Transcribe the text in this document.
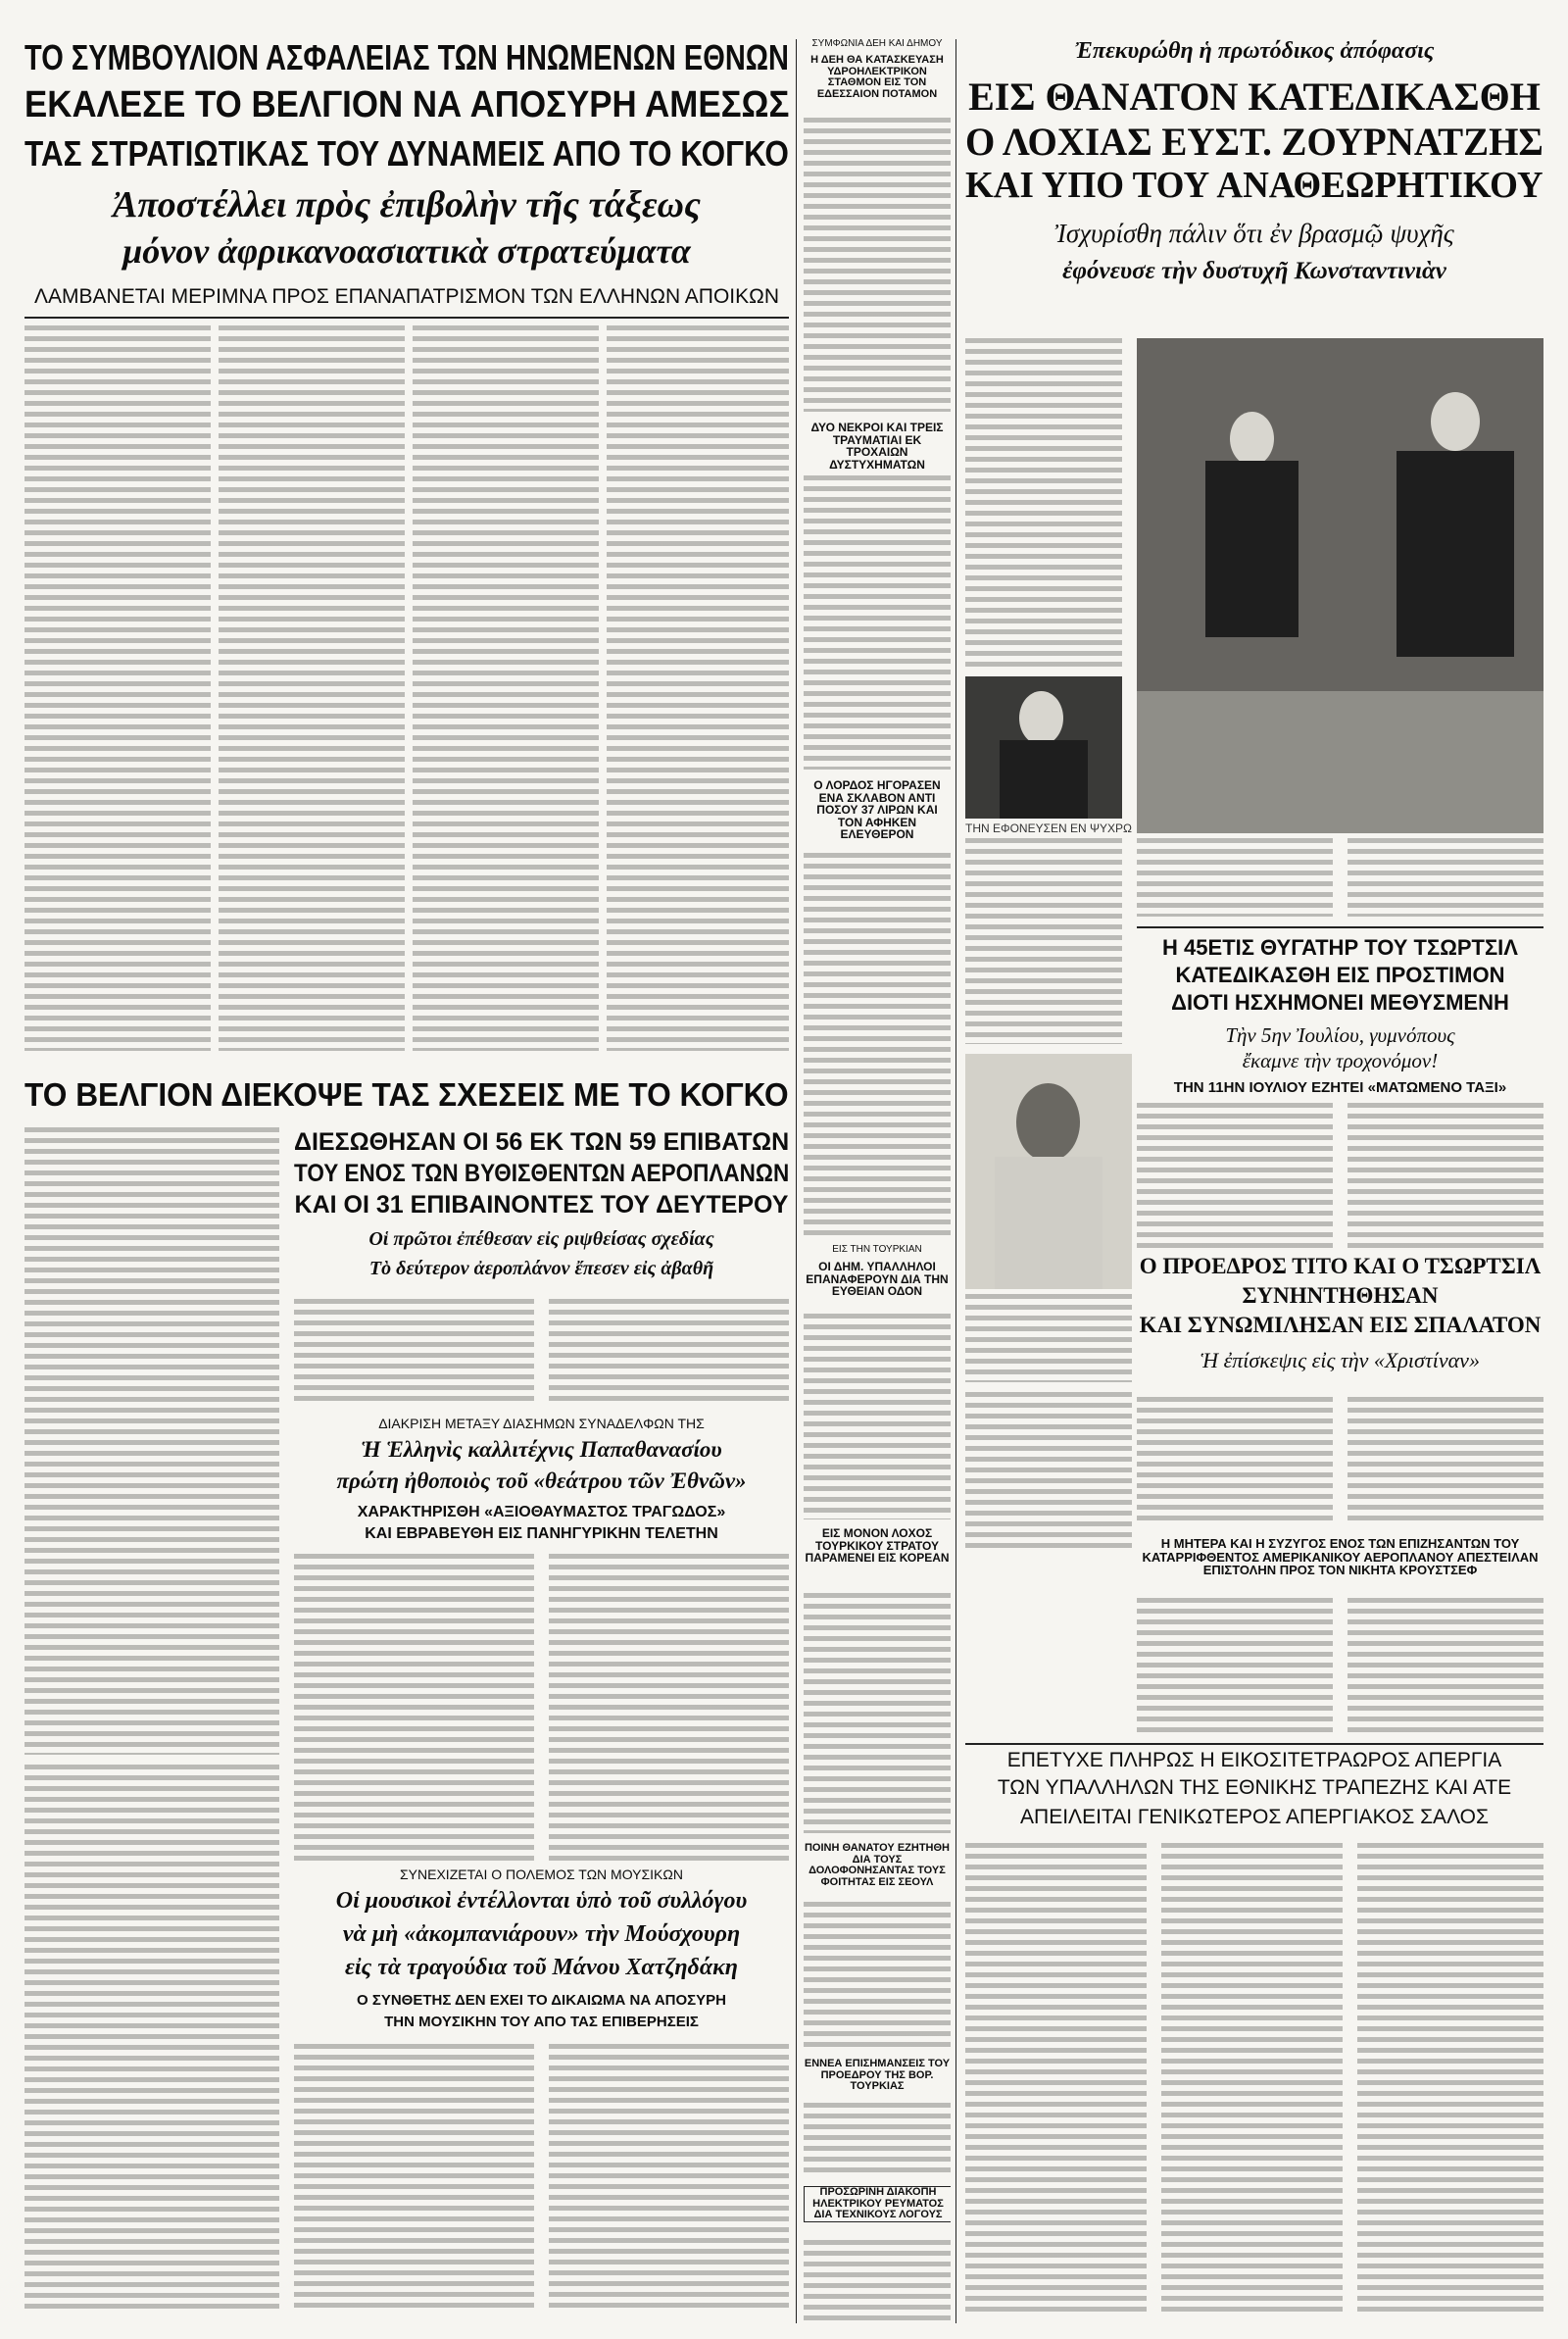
ΤΟ ΣΥΜΒΟΥΛΙΟΝ ΑΣΦΑΛΕΙΑΣ ΤΩΝ ΗΝΩΜΕΝΩΝ ΕΘΝΩΝ
ΕΚΑΛΕΣΕ ΤΟ ΒΕΛΓΙΟΝ ΝΑ ΑΠΟΣΥΡΗ ΑΜΕΣΩΣ
ΤΑΣ ΣΤΡΑΤΙΩΤΙΚΑΣ ΤΟΥ ΔΥΝΑΜΕΙΣ ΑΠΟ ΤΟ ΚΟΓΚΟ
Ἀποστέλλει πρὸς ἐπιβολὴν τῆς τάξεως
μόνον ἀφρικανοασιατικὰ στρατεύματα
ΛΑΜΒΑΝΕΤΑΙ ΜΕΡΙΜΝΑ ΠΡΟΣ ΕΠΑΝΑΠΑΤΡΙΣΜΟΝ ΤΩΝ ΕΛΛΗΝΩΝ ΑΠΟΙΚΩΝ
ΤΟ ΒΕΛΓΙΟΝ ΔΙΕΚΟΨΕ ΤΑΣ ΣΧΕΣΕΙΣ ΜΕ ΤΟ ΚΟΓΚΟ
ΔΙΕΣΩΘΗΣΑΝ ΟΙ 56 ΕΚ ΤΩΝ 59 ΕΠΙΒΑΤΩΝ
ΤΟΥ ΕΝΟΣ ΤΩΝ ΒΥΘΙΣΘΕΝΤΩΝ ΑΕΡΟΠΛΑΝΩΝ
ΚΑΙ ΟΙ 31 ΕΠΙΒΑΙΝΟΝΤΕΣ ΤΟΥ ΔΕΥΤΕΡΟΥ
Οἱ πρῶτοι ἐπέθεσαν εἰς ριψθείσας σχεδίας
Τὸ δεύτερον ἀεροπλάνον ἔπεσεν εἰς ἀβαθῆ
ΔΙΑΚΡΙΣΗ ΜΕΤΑΞΥ ΔΙΑΣΗΜΩΝ ΣΥΝΑΔΕΛΦΩΝ ΤΗΣ
Ἡ Ἑλληνὶς καλλιτέχνις Παπαθανασίου
πρώτη ἠθοποιὸς τοῦ «θεάτρου τῶν Ἐθνῶν»
ΧΑΡΑΚΤΗΡΙΣΘΗ «ΑΞΙΟΘΑΥΜΑΣΤΟΣ ΤΡΑΓΩΔΟΣ»
ΚΑΙ ΕΒΡΑΒΕΥΘΗ ΕΙΣ ΠΑΝΗΓΥΡΙΚΗΝ ΤΕΛΕΤΗΝ
ΣΥΝΕΧΙΖΕΤΑΙ Ο ΠΟΛΕΜΟΣ ΤΩΝ ΜΟΥΣΙΚΩΝ
Οἱ μουσικοὶ ἐντέλλονται ὑπὸ τοῦ συλλόγου
νὰ μὴ «ἀκομπανιάρουν» τὴν Μούσχουρη
εἰς τὰ τραγούδια τοῦ Μάνου Χατζηδάκη
Ο ΣΥΝΘΕΤΗΣ ΔΕΝ ΕΧΕΙ ΤΟ ΔΙΚΑΙΩΜΑ ΝΑ ΑΠΟΣΥΡΗ
ΤΗΝ ΜΟΥΣΙΚΗΝ ΤΟΥ ΑΠΟ ΤΑΣ ΕΠΙΒΕΡΗΣΕΙΣ
ΣΥΜΦΩΝΙΑ ΔΕΗ ΚΑΙ ΔΗΜΟΥ
Η ΔΕΗ ΘΑ ΚΑΤΑΣΚΕΥΑΣΗ ΥΔΡΟΗΛΕΚΤΡΙΚΟΝ ΣΤΑΘΜΟΝ ΕΙΣ ΤΟΝ ΕΔΕΣΣΑΙΟΝ ΠΟΤΑΜΟΝ
ΔΥΟ ΝΕΚΡΟΙ ΚΑΙ ΤΡΕΙΣ ΤΡΑΥΜΑΤΙΑΙ ΕΚ ΤΡΟΧΑΙΩΝ ΔΥΣΤΥΧΗΜΑΤΩΝ
Ο ΛΟΡΔΟΣ ΗΓΟΡΑΣΕΝ ΕΝΑ ΣΚΛΑΒΟΝ ΑΝΤΙ ΠΟΣΟΥ 37 ΛΙΡΩΝ ΚΑΙ ΤΟΝ ΑΦΗΚΕΝ ΕΛΕΥΘΕΡΟΝ
ΕΙΣ ΤΗΝ ΤΟΥΡΚΙΑΝ
ΟΙ ΔΗΜ. ΥΠΑΛΛΗΛΟΙ ΕΠΑΝΑΦΕΡΟΥΝ ΔΙΑ ΤΗΝ ΕΥΘΕΙΑΝ ΟΔΟΝ
ΕΙΣ ΜΟΝΟΝ ΛΟΧΟΣ ΤΟΥΡΚΙΚΟΥ ΣΤΡΑΤΟΥ ΠΑΡΑΜΕΝΕΙ ΕΙΣ ΚΟΡΕΑΝ
ΠΟΙΝΗ ΘΑΝΑΤΟΥ ΕΖΗΤΗΘΗ ΔΙΑ ΤΟΥΣ ΔΟΛΟΦΟΝΗΣΑΝΤΑΣ ΤΟΥΣ ΦΟΙΤΗΤΑΣ ΕΙΣ ΣΕΟΥΛ
ΕΝΝΕΑ ΕΠΙΣΗΜΑΝΣΕΙΣ ΤΟΥ ΠΡΟΕΔΡΟΥ ΤΗΣ ΒΟΡ. ΤΟΥΡΚΙΑΣ
ΠΡΟΣΩΡΙΝΗ ΔΙΑΚΟΠΗ ΗΛΕΚΤΡΙΚΟΥ ΡΕΥΜΑΤΟΣ ΔΙΑ ΤΕΧΝΙΚΟΥΣ ΛΟΓΟΥΣ
Ἐπεκυρώθη ἡ πρωτόδικος ἀπόφασις
ΕΙΣ ΘΑΝΑΤΟΝ ΚΑΤΕΔΙΚΑΣΘΗ
Ο ΛΟΧΙΑΣ ΕΥΣΤ. ΖΟΥΡΝΑΤΖΗΣ
ΚΑΙ ΥΠΟ ΤΟΥ ΑΝΑΘΕΩΡΗΤΙΚΟΥ
Ἰσχυρίσθη πάλιν ὅτι ἐν βρασμῷ ψυχῆς
ἐφόνευσε τὴν δυστυχῆ Κωνσταντινιὰν
ΤΗΝ ΕΦΟΝΕΥΣΕΝ ΕΝ ΨΥΧΡΩ
Η 45ΕΤΙΣ ΘΥΓΑΤΗΡ ΤΟΥ ΤΣΩΡΤΣΙΛ
ΚΑΤΕΔΙΚΑΣΘΗ ΕΙΣ ΠΡΟΣΤΙΜΟΝ
ΔΙΟΤΙ ΗΣΧΗΜΟΝΕΙ ΜΕΘΥΣΜΕΝΗ
Τὴν 5ην Ἰουλίου, γυμνόπους
ἔκαμνε τὴν τροχονόμον!
ΤΗΝ 11ΗΝ ΙΟΥΛΙΟΥ ΕΖΗΤΕΙ «ΜΑΤΩΜΕΝΟ ΤΑΞΙ»
Ο ΠΡΟΕΔΡΟΣ ΤΙΤΟ ΚΑΙ Ο ΤΣΩΡΤΣΙΛ
ΣΥΝΗΝΤΗΘΗΣΑΝ
ΚΑΙ ΣΥΝΩΜΙΛΗΣΑΝ ΕΙΣ ΣΠΑΛΑΤΟΝ
Ἡ ἐπίσκεψις εἰς τὴν «Χριστίναν»
Η ΜΗΤΕΡΑ ΚΑΙ Η ΣΥΖΥΓΟΣ ΕΝΟΣ ΤΩΝ ΕΠΙΖΗΣΑΝΤΩΝ ΤΟΥ ΚΑΤΑΡΡΙΦΘΕΝΤΟΣ ΑΜΕΡΙΚΑΝΙΚΟΥ ΑΕΡΟΠΛΑΝΟΥ ΑΠΕΣΤΕΙΛΑΝ ΕΠΙΣΤΟΛΗΝ ΠΡΟΣ ΤΟΝ ΝΙΚΗΤΑ ΚΡΟΥΣΤΣΕΦ
ΕΠΕΤΥΧΕ ΠΛΗΡΩΣ Η ΕΙΚΟΣΙΤΕΤΡΑΩΡΟΣ ΑΠΕΡΓΙΑ
ΤΩΝ ΥΠΑΛΛΗΛΩΝ ΤΗΣ ΕΘΝΙΚΗΣ ΤΡΑΠΕΖΗΣ ΚΑΙ ΑΤΕ
ΑΠΕΙΛΕΙΤΑΙ ΓΕΝΙΚΩΤΕΡΟΣ ΑΠΕΡΓΙΑΚΟΣ ΣΑΛΟΣ
